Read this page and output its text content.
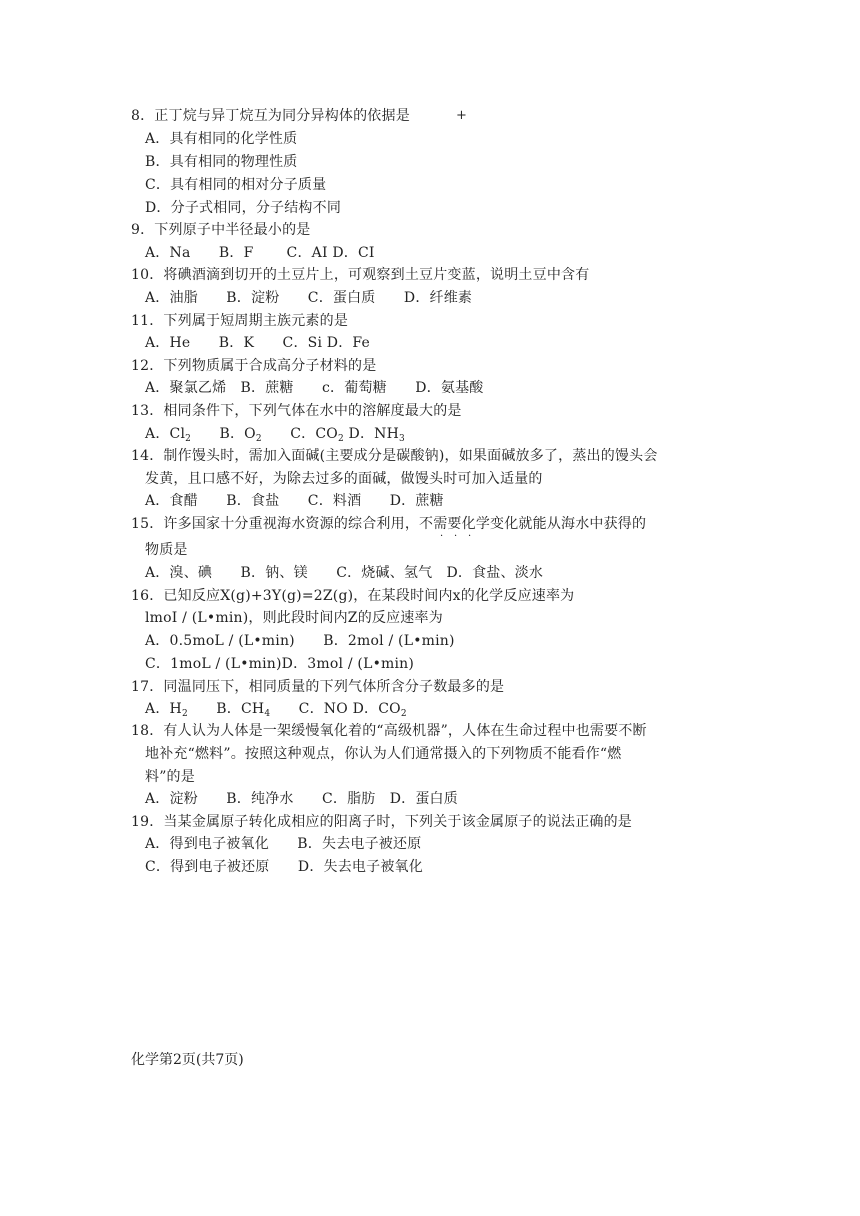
8．正丁烷与异丁烷互为同分异构体的依据是	+
A．具有相同的化学性质
B．具有相同的物理性质
C．具有相同的相对分子质量
D．分子式相同，分子结构不同
9．下列原子中半径最小的是
A．Na　　B．F　　 C．AI D．CI
10．将碘酒滴到切开的土豆片上，可观察到土豆片变蓝，说明土豆中含有
A．油脂　　B．淀粉　　C．蛋白质　　D．纤维素
11．下列属于短周期主族元素的是
A．He　　B．K　　C．Si D．Fe
12．下列物质属于合成高分子材料的是
A．聚氯乙烯　B．蔗糖　　c．葡萄糖　　D．氨基酸
13．相同条件下，下列气体在水中的溶解度最大的是
A．$Cl_2$　　 B．$O_2$　　 C．$CO_2$ D．$NH_3$
14．制作馒头时，需加入面碱(主要成分是碳酸钠)，如果面碱放多了，蒸出的馒头会
发黄，且口感不好，为除去过多的面碱，做馒头时可加入适量的
A．食醋　　B．食盐　　C．料酒　　D．蔗糖
15．许多国家十分重视海水资源的综合利用，不需要化学变化就能从海水中获得的
· · ·
物质是
A．溴、碘　　B．钠、镁　　C．烧碱、氢气　D．食盐、淡水
16．已知反应X(g)+3Y(g)=2Z(g)，在某段时间内x的化学反应速率为
lmoI / (L•min)，则此段时间内Z的反应速率为
A．0.5moL / (L•min)　　B．2mol / (L•min)
C．1moL / (L•min)D．3mol / (L•min)
17．同温同压下，相同质量的下列气体所含分子数最多的是
A．$H_2$　　 B．$CH_4$　　 C．NO D．$CO_2$
18．有人认为人体是一架缓慢氧化着的“高级机器”，人体在生命过程中也需要不断
地补充“燃料”。按照这种观点，你认为人们通常摄入的下列物质不能看作“燃
料”的是
A．淀粉　　B．纯净水　　C．脂肪　D．蛋白质
19．当某金属原子转化成相应的阳离子时，下列关于该金属原子的说法正确的是
A．得到电子被氧化　　B．失去电子被还原
C．得到电子被还原　　D．失去电子被氧化
化学第2页(共7页)
